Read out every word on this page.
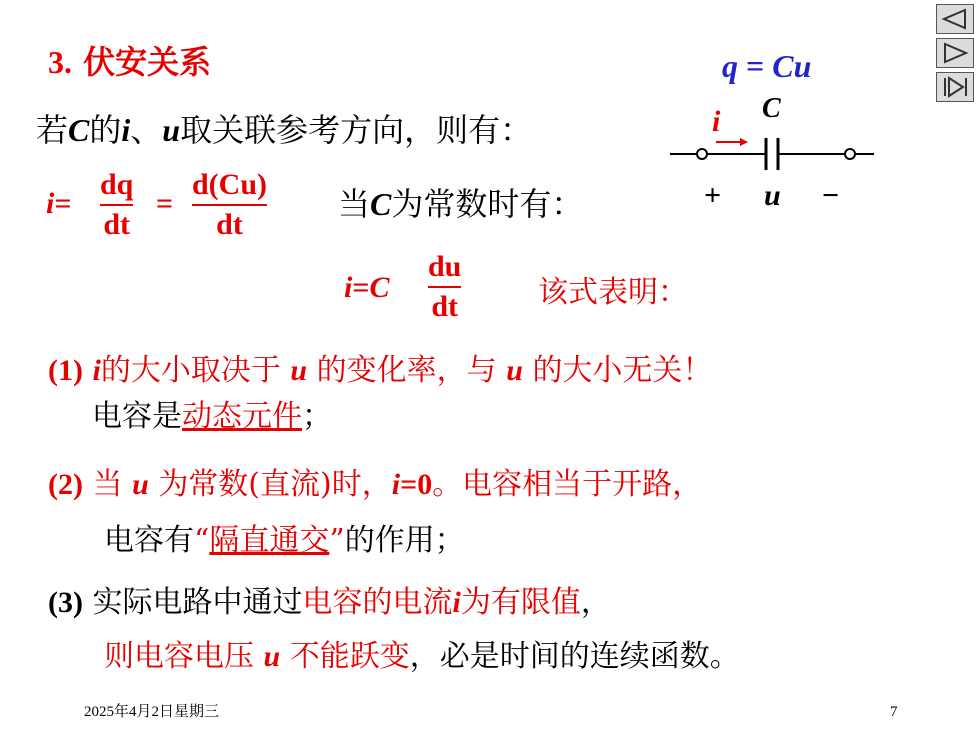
3. 伏安关系	q = Cu
C
i
+ u −
若C的i、u取关联参考方向，则有：
i=
dq
dt
=
d(Cu)
dt
当C为常数时有：
i=C
du
dt	该式表明：
(1) i的大小取决于 u 的变化率，与 u 的大小无关！
电容是动态元件；
(2) 当 u 为常数(直流)时，i=0。电容相当于开路，
电容有“隔直通交”的作用；
(3) 实际电路中通过电容的电流i为有限值，
则电容电压 u 不能跃变，必是时间的连续函数。
2025年4月2日星期三	7
